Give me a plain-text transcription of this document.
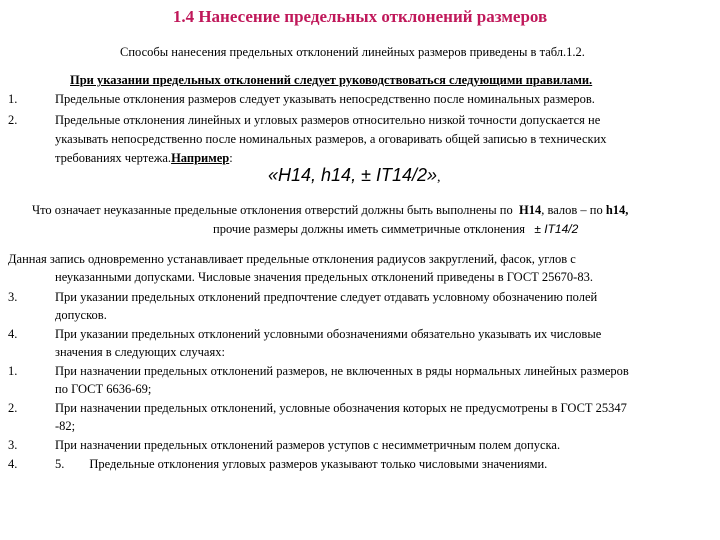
1.4 Нанесение предельных отклонений размеров
Способы нанесения предельных отклонений линейных размеров приведены в табл.1.2.
При указании предельных отклонений следует руководствоваться следующими правилами.
1.	Предельные отклонения размеров следует указывать непосредственно после номинальных размеров.
2.	Предельные отклонения линейных и угловых размеров относительно низкой точности допускается не
указывать непосредственно после номинальных размеров, а оговаривать общей записью в технических
требованиях чертежа.Например:
«H14, h14, ± IT14/2»,
Что означает неуказанные предельные отклонения отверстий должны быть выполнены по H14, валов – по h14,
прочие размеры должны иметь симметричные отклонения ± IT14/2
Данная запись одновременно устанавливает предельные отклонения радиусов закруглений, фасок, углов с
неуказанными допусками. Числовые значения предельных отклонений приведены в ГОСТ 25670-83.
3.	При указании предельных отклонений предпочтение следует отдавать условному обозначению полей
допусков.
4.	При указании предельных отклонений условными обозначениями обязательно указывать их числовые
значения в следующих случаях:
1.	При назначении предельных отклонений размеров, не включенных в ряды нормальных линейных размеров
по ГОСТ 6636-69;
2.	При назначении предельных отклонений, условные обозначения которых не предусмотрены в ГОСТ 25347
-82;
3.	При назначении предельных отклонений размеров уступов с несимметричным полем допуска.
4.	5.        Предельные отклонения угловых размеров указывают только числовыми значениями.
